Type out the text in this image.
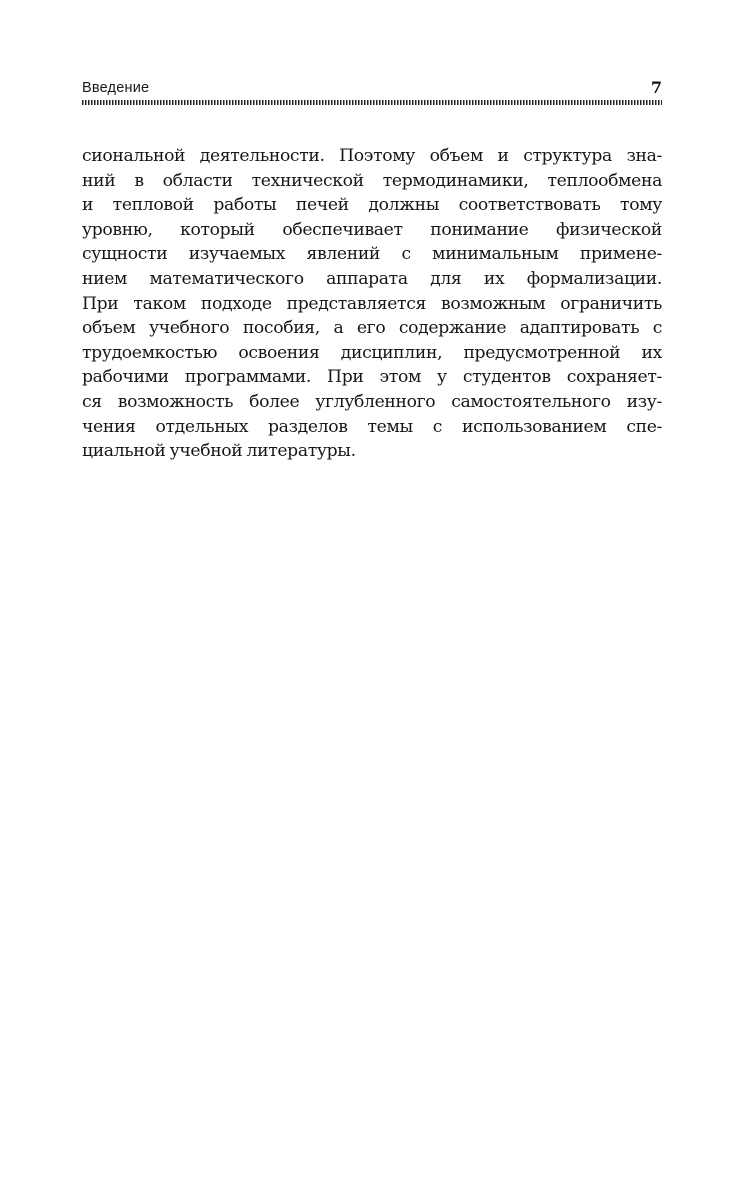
Введение	7
сиональной деятельности. Поэтому объем и структура зна-
ний в области технической термодинамики, теплообмена
и тепловой работы печей должны соответствовать тому
уровню, который обеспечивает понимание физической
сущности изучаемых явлений с минимальным примене-
нием математического аппарата для их формализации.
При таком подходе представляется возможным ограничить
объем учебного пособия, а его содержание адаптировать с
трудоемкостью освоения дисциплин, предусмотренной их
рабочими программами. При этом у студентов сохраняет-
ся возможность более углубленного самостоятельного изу-
чения отдельных разделов темы с использованием спе-
циальной учебной литературы.
